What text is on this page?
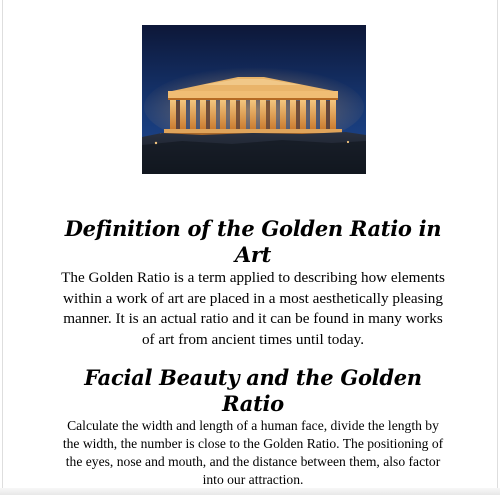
Definition of the Golden Ratio in Art

The Golden Ratio is a term applied to describing how elements within a work of art are placed in a most aesthetically pleasing manner. It is an actual ratio and it can be found in many works of art from ancient times until today.

Facial Beauty and the Golden Ratio

Calculate the width and length of a human face, divide the length by the width, the number is close to the Golden Ratio. The positioning of the eyes, nose and mouth, and the distance between them, also factor into our attraction.
